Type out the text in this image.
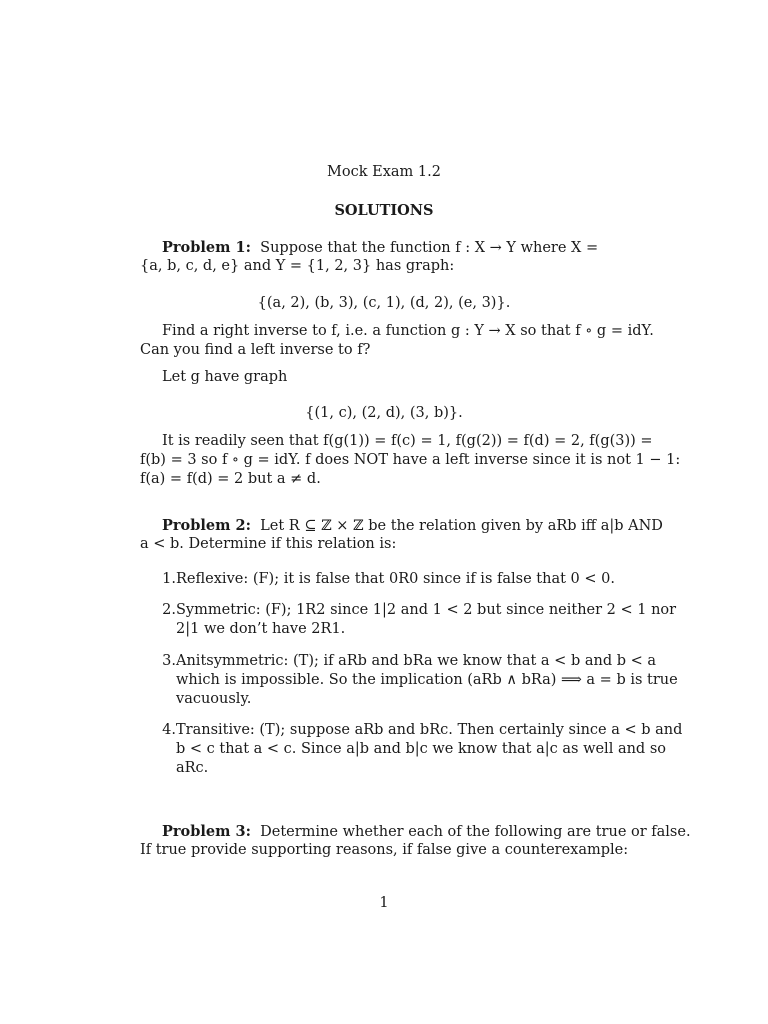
Mock Exam 1.2
SOLUTIONS
Problem 1: Suppose that the function f : X → Y where X =
{a, b, c, d, e} and Y = {1, 2, 3} has graph:
{(a, 2), (b, 3), (c, 1), (d, 2), (e, 3)}.
Find a right inverse to f, i.e. a function g : Y → X so that f ∘ g = idY.
Can you find a left inverse to f?
Let g have graph
{(1, c), (2, d), (3, b)}.
It is readily seen that f(g(1)) = f(c) = 1, f(g(2)) = f(d) = 2, f(g(3)) =
f(b) = 3 so f ∘ g = idY. f does NOT have a left inverse since it is not 1 − 1:
f(a) = f(d) = 2 but a ≠ d.
Problem 2: Let R ⊆ ℤ × ℤ be the relation given by aRb iff a|b AND
a < b. Determine if this relation is:
1. Reflexive: (F); it is false that 0R0 since if is false that 0 < 0.
2. Symmetric: (F); 1R2 since 1|2 and 1 < 2 but since neither 2 < 1 nor
2|1 we don’t have 2R1.
3. Anitsymmetric: (T); if aRb and bRa we know that a < b and b < a
which is impossible. So the implication (aRb ∧ bRa) ⟹ a = b is true
vacuously.
4. Transitive: (T); suppose aRb and bRc. Then certainly since a < b and
b < c that a < c. Since a|b and b|c we know that a|c as well and so
aRc.
Problem 3: Determine whether each of the following are true or false.
If true provide supporting reasons, if false give a counterexample:
1
